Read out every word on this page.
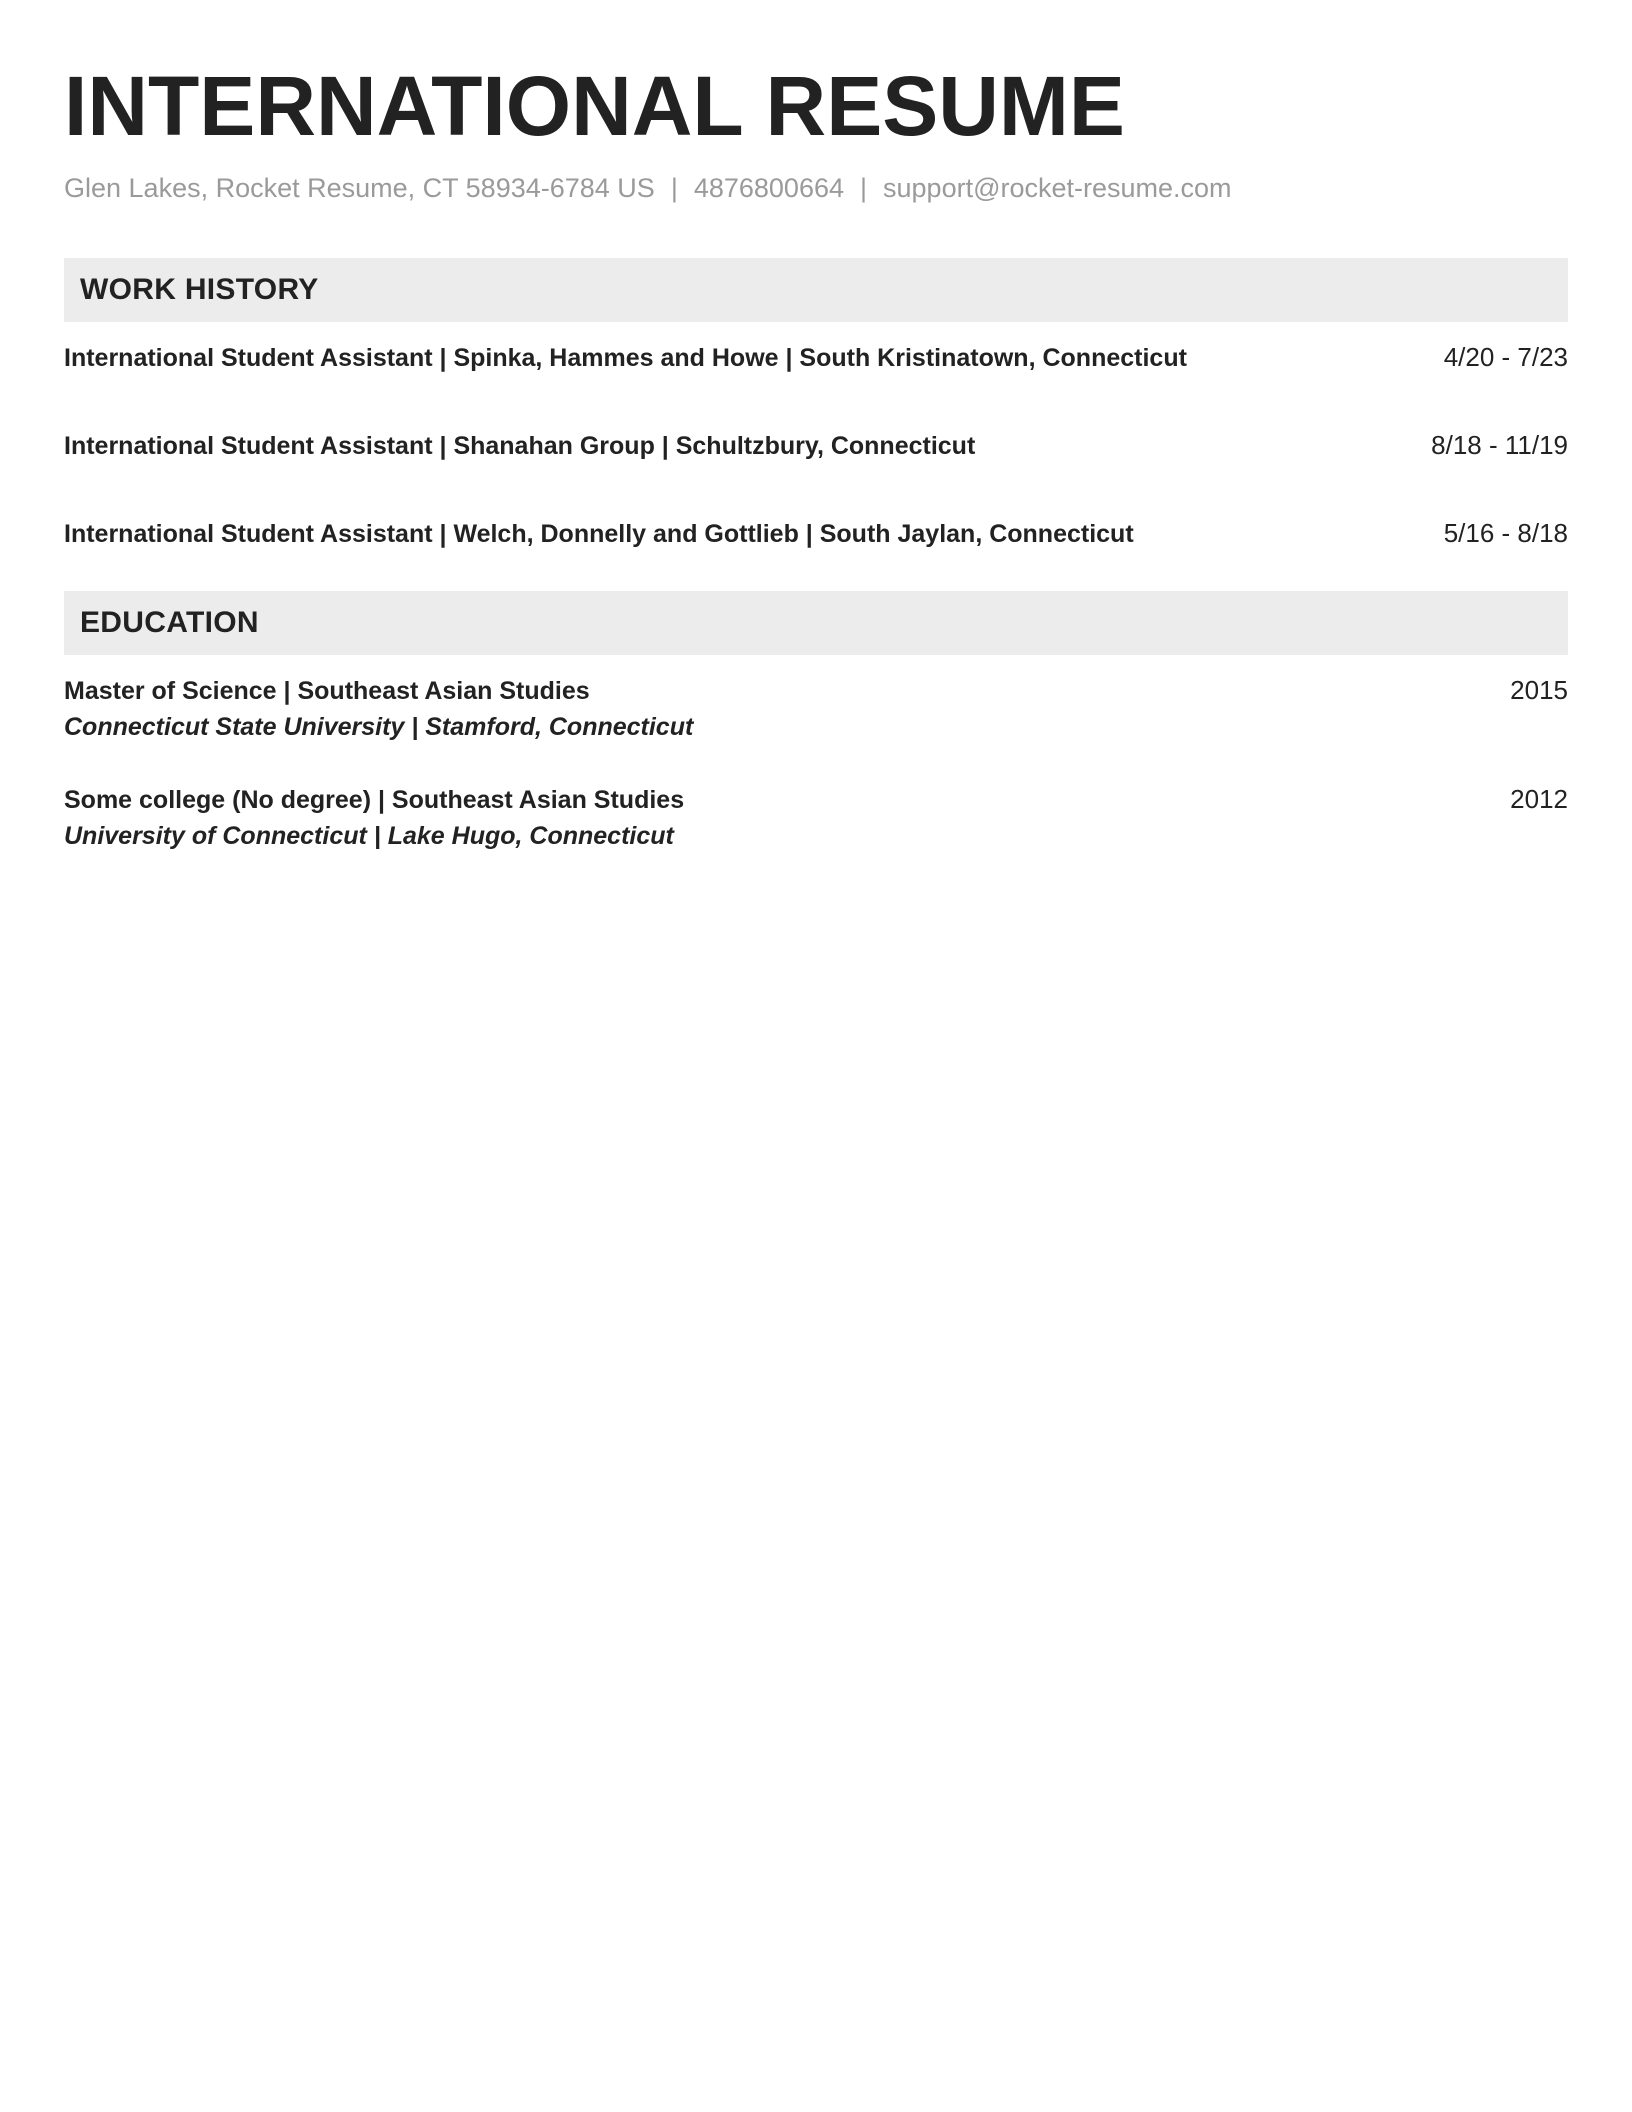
INTERNATIONAL RESUME
Glen Lakes, Rocket Resume, CT 58934-6784 US | 4876800664 | support@rocket-resume.com
WORK HISTORY
International Student Assistant | Spinka, Hammes and Howe | South Kristinatown, Connecticut	4/20 - 7/23
International Student Assistant | Shanahan Group | Schultzbury, Connecticut	8/18 - 11/19
International Student Assistant | Welch, Donnelly and Gottlieb | South Jaylan, Connecticut	5/16 - 8/18
EDUCATION
Master of Science | Southeast Asian Studies	2015
Connecticut State University | Stamford, Connecticut
Some college (No degree) | Southeast Asian Studies	2012
University of Connecticut | Lake Hugo, Connecticut
